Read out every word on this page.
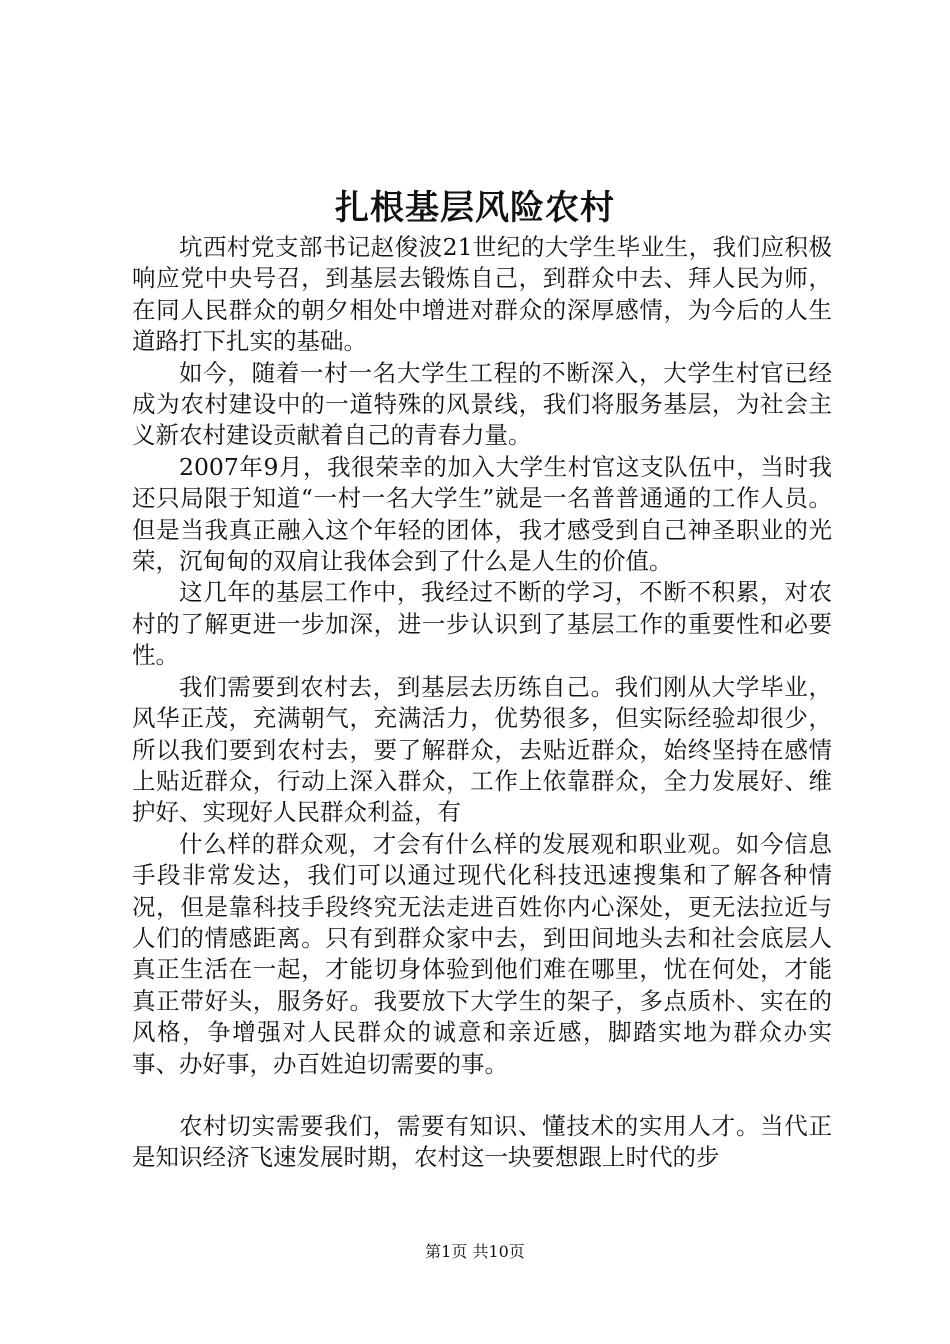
扎根基层风险农村

坑西村党支部书记赵俊波21世纪的大学生毕业生，我们应积极响应党中央号召，到基层去锻炼自己，到群众中去、拜人民为师，在同人民群众的朝夕相处中增进对群众的深厚感情，为今后的人生道路打下扎实的基础。

如今，随着一村一名大学生工程的不断深入，大学生村官已经成为农村建设中的一道特殊的风景线，我们将服务基层，为社会主义新农村建设贡献着自己的青春力量。

2007年9月，我很荣幸的加入大学生村官这支队伍中，当时我还只局限于知道“一村一名大学生”就是一名普普通通的工作人员。但是当我真正融入这个年轻的团体，我才感受到自己神圣职业的光荣，沉甸甸的双肩让我体会到了什么是人生的价值。

这几年的基层工作中，我经过不断的学习，不断不积累，对农村的了解更进一步加深，进一步认识到了基层工作的重要性和必要性。

我们需要到农村去，到基层去历练自己。我们刚从大学毕业，风华正茂，充满朝气，充满活力，优势很多，但实际经验却很少，所以我们要到农村去，要了解群众，去贴近群众，始终坚持在感情上贴近群众，行动上深入群众，工作上依靠群众，全力发展好、维护好、实现好人民群众利益，有

什么样的群众观，才会有什么样的发展观和职业观。如今信息手段非常发达，我们可以通过现代化科技迅速搜集和了解各种情况，但是靠科技手段终究无法走进百姓你内心深处，更无法拉近与人们的情感距离。只有到群众家中去，到田间地头去和社会底层人真正生活在一起，才能切身体验到他们难在哪里，忧在何处，才能真正带好头，服务好。我要放下大学生的架子，多点质朴、实在的风格，争增强对人民群众的诚意和亲近感，脚踏实地为群众办实事、办好事，办百姓迫切需要的事。

农村切实需要我们，需要有知识、懂技术的实用人才。当代正是知识经济飞速发展时期，农村这一块要想跟上时代的步

第1页 共10页
